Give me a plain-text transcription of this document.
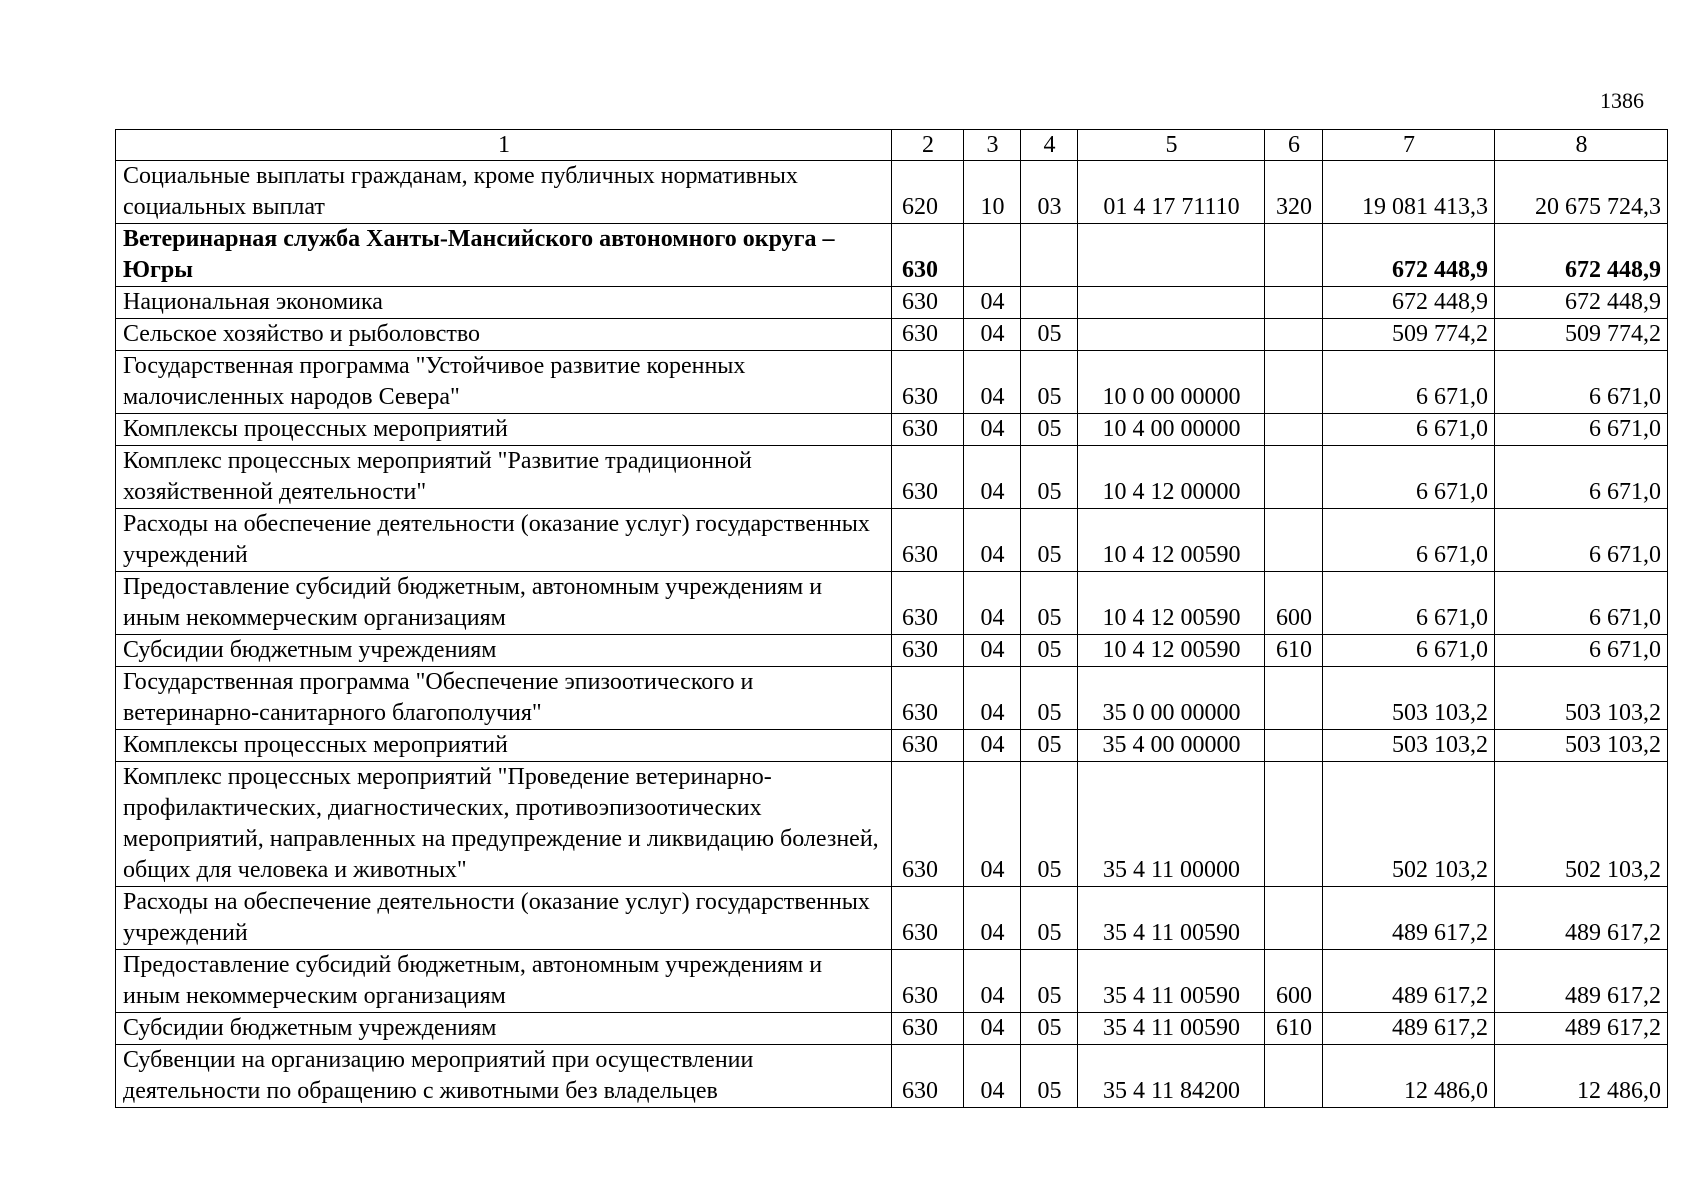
1386
1	2	3	4	5	6	7	8
Социальные выплаты гражданам, кроме публичных нормативных социальных выплат	620	10	03	01 4 17 71110	320	19 081 413,3	20 675 724,3
Ветеринарная служба Ханты-Мансийского автономного округа – Югры	630					672 448,9	672 448,9
Национальная экономика	630	04				672 448,9	672 448,9
Сельское хозяйство и рыболовство	630	04	05			509 774,2	509 774,2
Государственная программа "Устойчивое развитие коренных малочисленных народов Севера"	630	04	05	10 0 00 00000		6 671,0	6 671,0
Комплексы процессных мероприятий	630	04	05	10 4 00 00000		6 671,0	6 671,0
Комплекс процессных мероприятий "Развитие традиционной хозяйственной деятельности"	630	04	05	10 4 12 00000		6 671,0	6 671,0
Расходы на обеспечение деятельности (оказание услуг) государственных учреждений	630	04	05	10 4 12 00590		6 671,0	6 671,0
Предоставление субсидий бюджетным, автономным учреждениям и иным некоммерческим организациям	630	04	05	10 4 12 00590	600	6 671,0	6 671,0
Субсидии бюджетным учреждениям	630	04	05	10 4 12 00590	610	6 671,0	6 671,0
Государственная программа "Обеспечение эпизоотического и ветеринарно-санитарного благополучия"	630	04	05	35 0 00 00000		503 103,2	503 103,2
Комплексы процессных мероприятий	630	04	05	35 4 00 00000		503 103,2	503 103,2
Комплекс процессных мероприятий "Проведение ветеринарно-профилактических, диагностических, противоэпизоотических мероприятий, направленных на предупреждение и ликвидацию болезней, общих для человека и животных"	630	04	05	35 4 11 00000		502 103,2	502 103,2
Расходы на обеспечение деятельности (оказание услуг) государственных учреждений	630	04	05	35 4 11 00590		489 617,2	489 617,2
Предоставление субсидий бюджетным, автономным учреждениям и иным некоммерческим организациям	630	04	05	35 4 11 00590	600	489 617,2	489 617,2
Субсидии бюджетным учреждениям	630	04	05	35 4 11 00590	610	489 617,2	489 617,2
Субвенции на организацию мероприятий при осуществлении деятельности по обращению с животными без владельцев	630	04	05	35 4 11 84200		12 486,0	12 486,0
